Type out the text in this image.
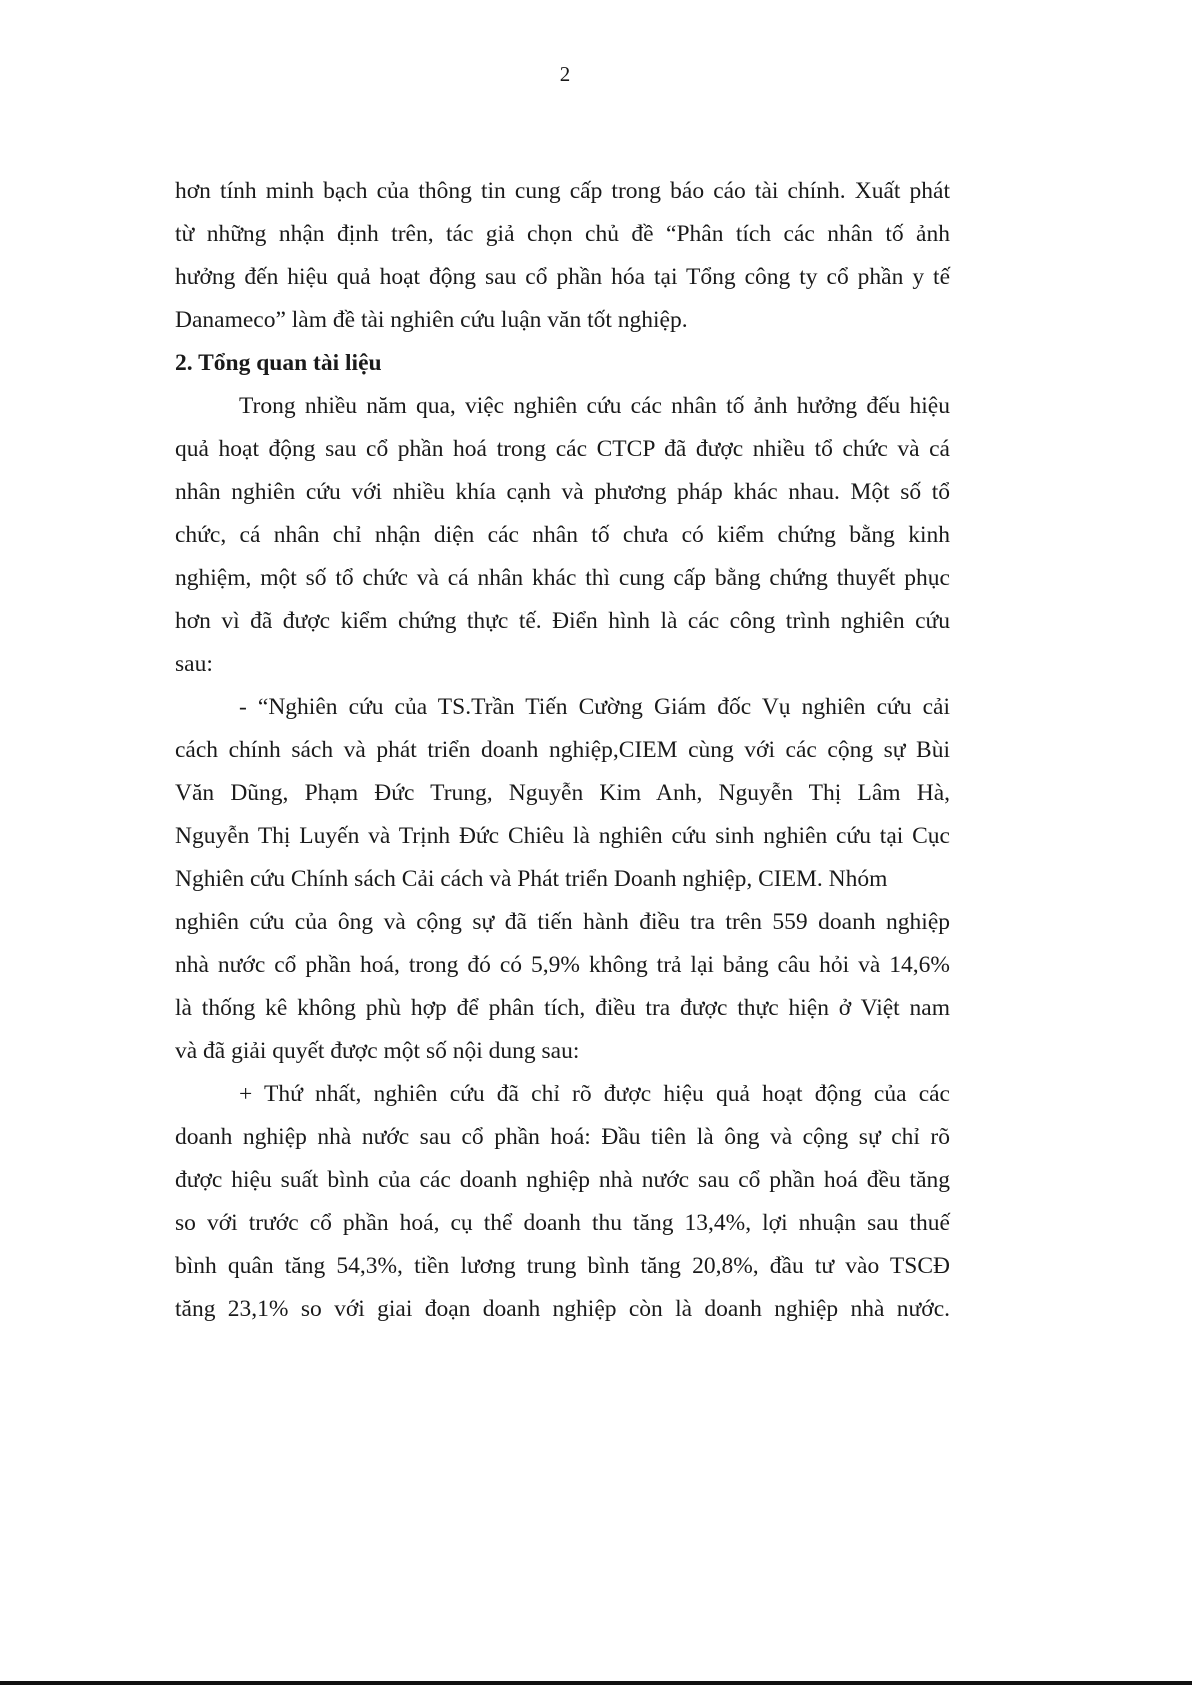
2
hơn tính minh bạch của thông tin cung cấp trong báo cáo tài chính. Xuất phát
từ những nhận định trên, tác giả chọn chủ đề “Phân tích các nhân tố ảnh
hưởng đến hiệu quả hoạt động sau cổ phần hóa tại Tổng công ty cổ phần y tế
Danameco” làm đề tài nghiên cứu luận văn tốt nghiệp.
2. Tổng quan tài liệu
Trong nhiều năm qua, việc nghiên cứu các nhân tố ảnh hưởng đếu hiệu
quả hoạt động sau cổ phần hoá trong các CTCP đã được nhiều tổ chức và cá
nhân nghiên cứu với nhiều khía cạnh và phương pháp khác nhau. Một số tổ
chức, cá nhân chỉ nhận diện các nhân tố chưa có kiểm chứng bằng kinh
nghiệm, một số tổ chức và cá nhân khác thì cung cấp bằng chứng thuyết phục
hơn vì đã được kiểm chứng thực tế. Điển hình là các công trình nghiên cứu
sau:
- “Nghiên cứu của TS.Trần Tiến Cường Giám đốc Vụ nghiên cứu cải
cách chính sách và phát triển doanh nghiệp,CIEM cùng với các cộng sự Bùi
Văn Dũng, Phạm Đức Trung, Nguyễn Kim Anh, Nguyễn Thị Lâm Hà,
Nguyễn Thị Luyến và Trịnh Đức Chiêu là nghiên cứu sinh nghiên cứu tại Cục
Nghiên cứu Chính sách Cải cách và Phát triển Doanh nghiệp, CIEM. Nhóm
nghiên cứu của ông và cộng sự đã tiến hành điều tra trên 559 doanh nghiệp
nhà nước cổ phần hoá, trong đó có 5,9% không trả lại bảng câu hỏi và 14,6%
là thống kê không phù hợp để phân tích, điều tra được thực hiện ở Việt nam
và đã giải quyết được một số nội dung sau:
+ Thứ nhất, nghiên cứu đã chỉ rõ được hiệu quả hoạt động của các
doanh nghiệp nhà nước sau cổ phần hoá: Đầu tiên là ông và cộng sự chỉ rõ
được hiệu suất bình của các doanh nghiệp nhà nước sau cổ phần hoá đều tăng
so với trước cổ phần hoá, cụ thể doanh thu tăng 13,4%, lợi nhuận sau thuế
bình quân tăng 54,3%, tiền lương trung bình tăng 20,8%, đầu tư vào TSCĐ
tăng 23,1% so với giai đoạn doanh nghiệp còn là doanh nghiệp nhà nước.
